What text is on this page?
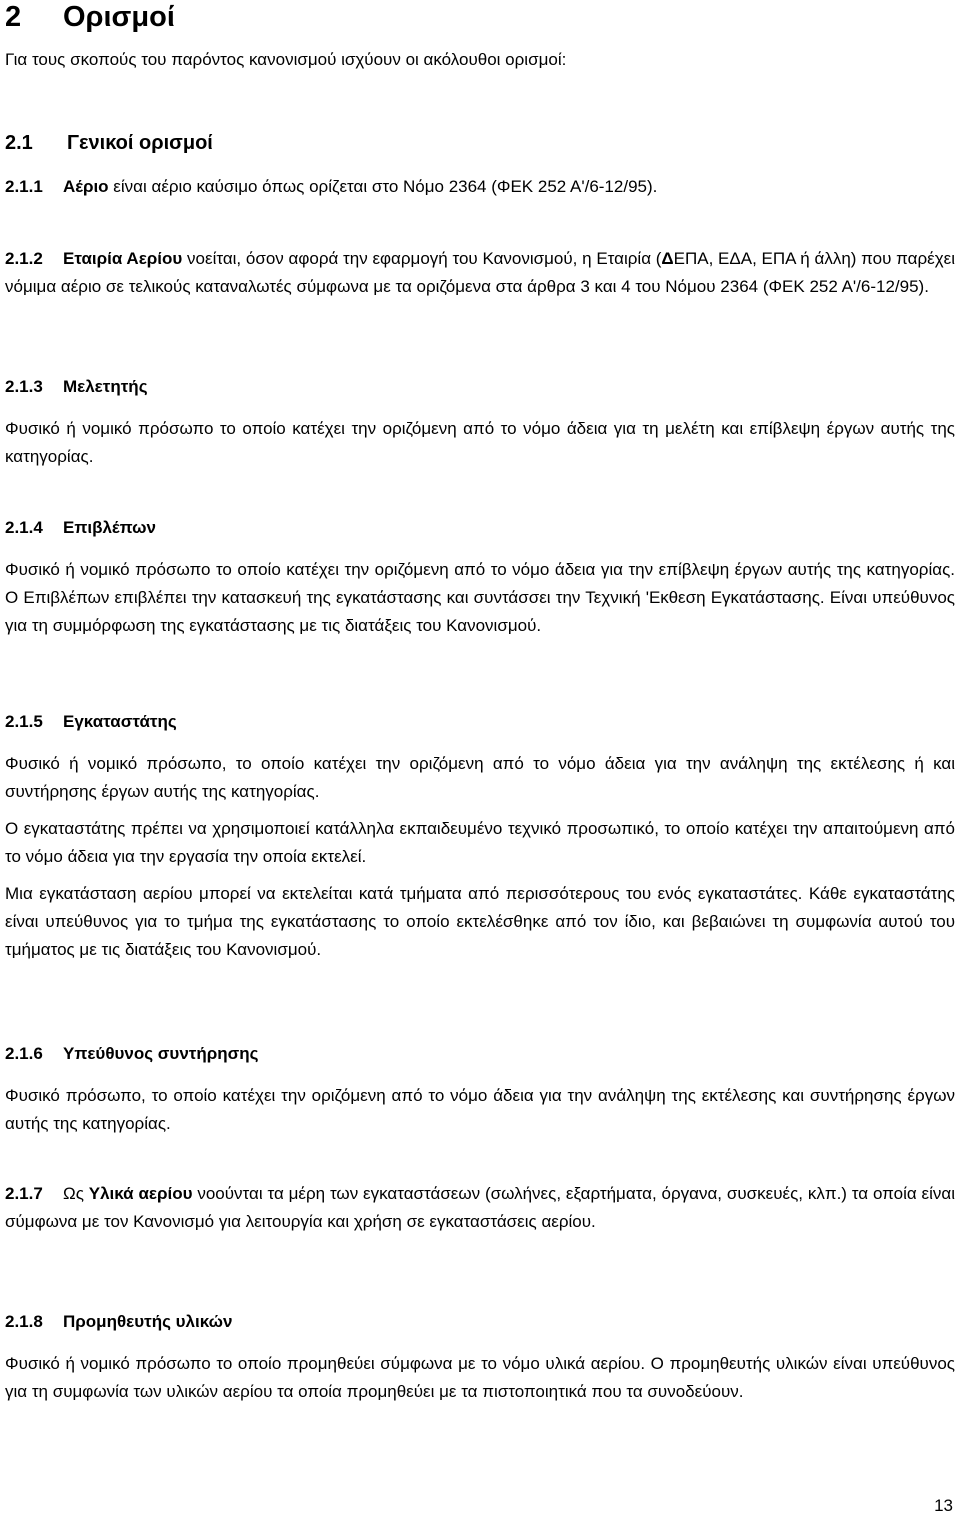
2 Ορισμοί
Για τους σκοπούς του παρόντος κανονισμού ισχύουν οι ακόλουθοι ορισμοί:
2.1 Γενικοί ορισμοί

2.1.1 Αέριο είναι αέριο καύσιμο όπως ορίζεται στο Νόμο 2364 (ΦΕΚ 252 Α'/6-12/95).

2.1.2 Εταιρία Αερίου νοείται, όσον αφορά την εφαρμογή του Κανονισμού, η Εταιρία (ΔΕΠΑ, ΕΔΑ, ΕΠΑ ή άλλη) που παρέχει νόμιμα αέριο σε τελικούς καταναλωτές σύμφωνα με τα οριζόμενα στα άρθρα 3 και 4 του Νόμου 2364 (ΦΕΚ 252 Α'/6-12/95).

2.1.3 Μελετητής

Φυσικό ή νομικό πρόσωπο το οποίο κατέχει την οριζόμενη από το νόμο άδεια για τη μελέτη και επίβλεψη έργων αυτής της κατηγορίας.

2.1.4 Επιβλέπων

Φυσικό ή νομικό πρόσωπο το οποίο κατέχει την οριζόμενη από το νόμο άδεια για την επίβλεψη έργων αυτής της κατηγορίας. Ο Επιβλέπων επιβλέπει την κατασκευή της εγκατάστασης και συντάσσει την Τεχνική 'Εκθεση Εγκατάστασης. Είναι υπεύθυνος για τη συμμόρφωση της εγκατάστασης με τις διατάξεις του Κανονισμού.

2.1.5 Εγκαταστάτης

Φυσικό ή νομικό πρόσωπο, το οποίο κατέχει την οριζόμενη από το νόμο άδεια για την ανάληψη της εκτέλεσης ή και συντήρησης έργων αυτής της κατηγορίας.

Ο εγκαταστάτης πρέπει να χρησιμοποιεί κατάλληλα εκπαιδευμένο τεχνικό προσωπικό, το οποίο κατέχει την απαιτούμενη από το νόμο άδεια για την εργασία την οποία εκτελεί.

Μια εγκατάσταση αερίου μπορεί να εκτελείται κατά τμήματα από περισσότερους του ενός εγκαταστάτες. Κάθε εγκαταστάτης είναι υπεύθυνος για το τμήμα της εγκατάστασης το οποίο εκτελέσθηκε από τον ίδιο, και βεβαιώνει τη συμφωνία αυτού του τμήματος με τις διατάξεις του Κανονισμού.

2.1.6 Υπεύθυνος συντήρησης

Φυσικό πρόσωπο, το οποίο κατέχει την οριζόμενη από το νόμο άδεια για την ανάληψη της εκτέλεσης και συντήρησης έργων αυτής της κατηγορίας.

2.1.7 Ως Υλικά αερίου νοούνται τα μέρη των εγκαταστάσεων (σωλήνες, εξαρτήματα, όργανα, συσκευές, κλπ.) τα οποία είναι σύμφωνα με τον Κανονισμό για λειτουργία και χρήση σε εγκαταστάσεις αερίου.

2.1.8 Προμηθευτής υλικών

Φυσικό ή νομικό πρόσωπο το οποίο προμηθεύει σύμφωνα με το νόμο υλικά αερίου. Ο προμηθευτής υλικών είναι υπεύθυνος για τη συμφωνία των υλικών αερίου τα οποία προμηθεύει με τα πιστοποιητικά που τα συνοδεύουν.

13
